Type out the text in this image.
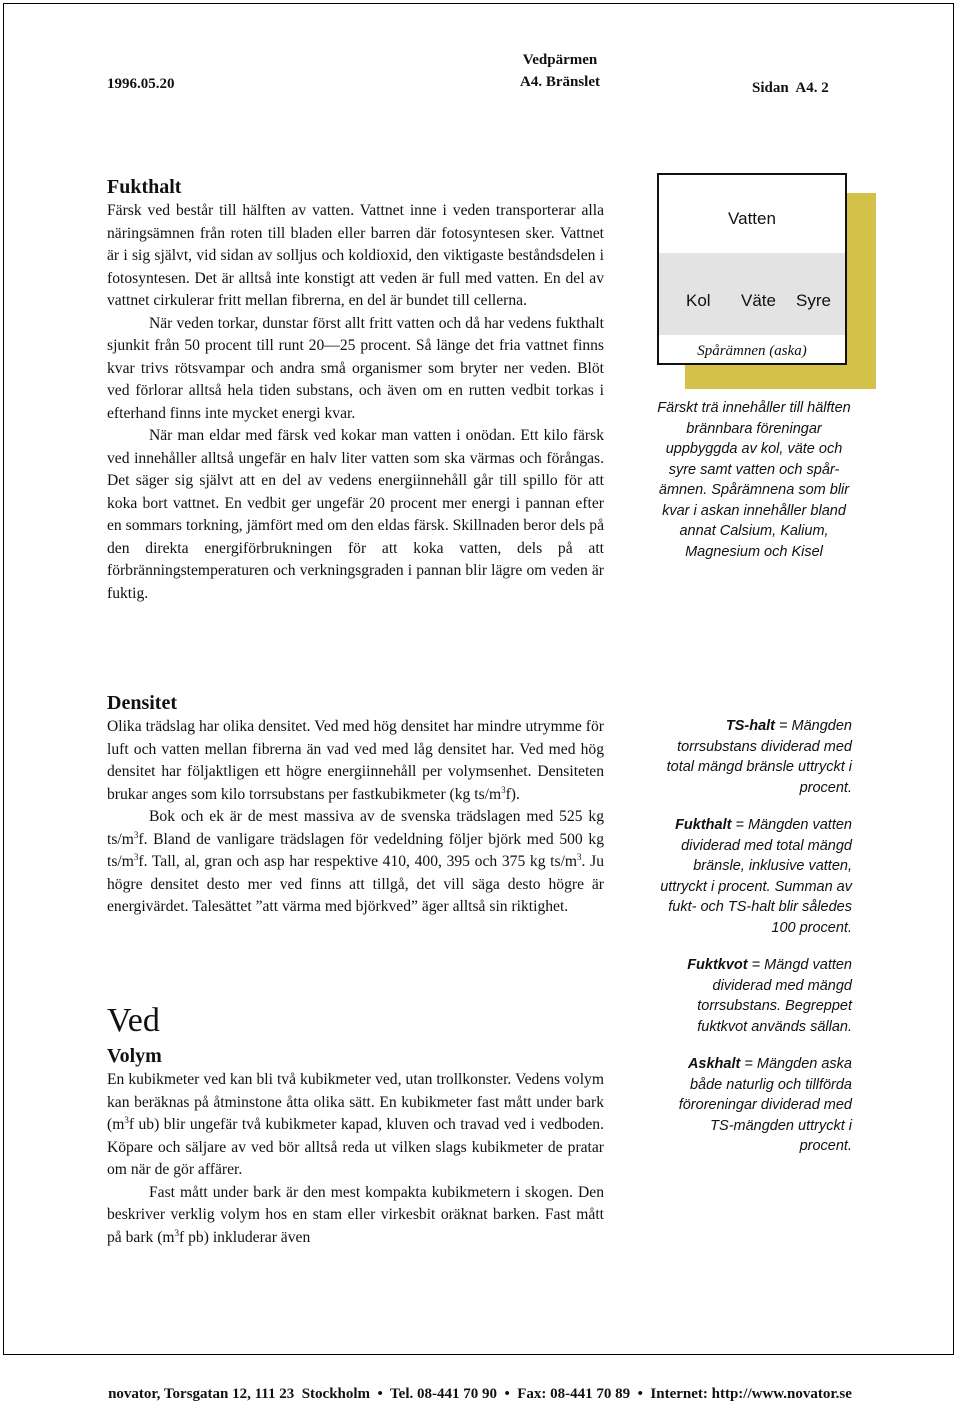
1996.05.20
Vedpärmen
A4. Bränslet	Sidan  A4. 2
Fukthalt

Färsk ved består till hälften av vatten. Vattnet inne i veden transporterar alla näringsämnen från roten till bladen eller barren där fotosyntesen sker. Vattnet är i sig självt, vid sidan av solljus och koldioxid, den viktigaste beståndsdelen i fotosyntesen. Det är alltså inte konstigt att veden är full med vatten. En del av vattnet cirkulerar fritt mellan fibrerna, en del är bundet till cellerna.

När veden torkar, dunstar först allt fritt vatten och då har vedens fukthalt sjunkit från 50 procent till runt 20—25 procent. Så länge det fria vattnet finns kvar trivs rötsvampar och andra små organismer som bryter ner veden. Blöt ved förlorar alltså hela tiden substans, och även om en rutten vedbit torkas i efterhand finns inte mycket energi kvar.

När man eldar med färsk ved kokar man vatten i onödan. Ett kilo färsk ved innehåller alltså ungefär en halv liter vatten som ska värmas och förångas. Det säger sig självt att en del av vedens energiinnehåll går till spillo för att koka bort vattnet. En vedbit ger ungefär 20 procent mer energi i pannan efter en sommars torkning, jämfört med om den eldas färsk. Skillnaden beror dels på den direkta energiförbrukningen för att koka vatten, dels på att förbränningstemperaturen och verkningsgraden i pannan blir lägre om veden är fuktig.

Densitet

Olika trädslag har olika densitet. Ved med hög densitet har mindre utrymme för luft och vatten mellan fibrerna än vad ved med låg densitet har. Ved med hög densitet har följaktligen ett högre energiinnehåll per volymsenhet. Densiteten brukar anges som kilo torrsubstans per fastkubikmeter (kg $ts/m^3f$).

Bok och ek är de mest massiva av de svenska trädslagen med 525 kg $ts/m^3f$. Bland de vanligare trädslagen för vedeldning följer björk med 500 kg $ts/m^3f$. Tall, al, gran och asp har respektive 410, 400, 395 och 375 kg $ts/m^3$. Ju högre densitet desto mer ved finns att tillgå, det vill säga desto högre är energivärdet. Talesättet ”att värma med björkved” äger alltså sin riktighet.

Ved
Volym

En kubikmeter ved kan bli två kubikmeter ved, utan trollkonster. Vedens volym kan beräknas på åtminstone åtta olika sätt. En kubikmeter fast mått under bark ($m^3f$ ub) blir ungefär två kubikmeter kapad, kluven och travad ved i vedboden. Köpare och säljare av ved bör alltså reda ut vilken slags kubikmeter de pratar om när de gör affärer.

Fast mått under bark är den mest kompakta kubikmetern i skogen. Den beskriver verklig volym hos en stam eller virkesbit oräknat barken. Fast mått på bark ($m^3f$ pb) inkluderar även

Vatten
Kol Väte Syre
Spårämnen (aska)
Färskt trä innehåller till hälften brännbara föreningar uppbyggda av kol, väte och syre samt vatten och spår-ämnen. Spårämnena som blir kvar i askan innehåller bland annat Calsium, Kalium, Magnesium och Kisel

TS-halt = Mängden torrsubstans dividerad med total mängd bränsle uttryckt i procent.

Fukthalt = Mängden vatten dividerad med total mängd bränsle, inklusive vatten, uttryckt i procent. Summan av fukt- och TS-halt blir således 100 procent.

Fuktkvot = Mängd vatten dividerad med mängd torrsubstans. Begreppet fuktkvot används sällan.

Askhalt = Mängden aska både naturlig och tillförda föroreningar dividerad med TS-mängden uttryckt i procent.

novator, Torsgatan 12, 111 23  Stockholm  •  Tel. 08-441 70 90  •  Fax: 08-441 70 89  •  Internet: http://www.novator.se
